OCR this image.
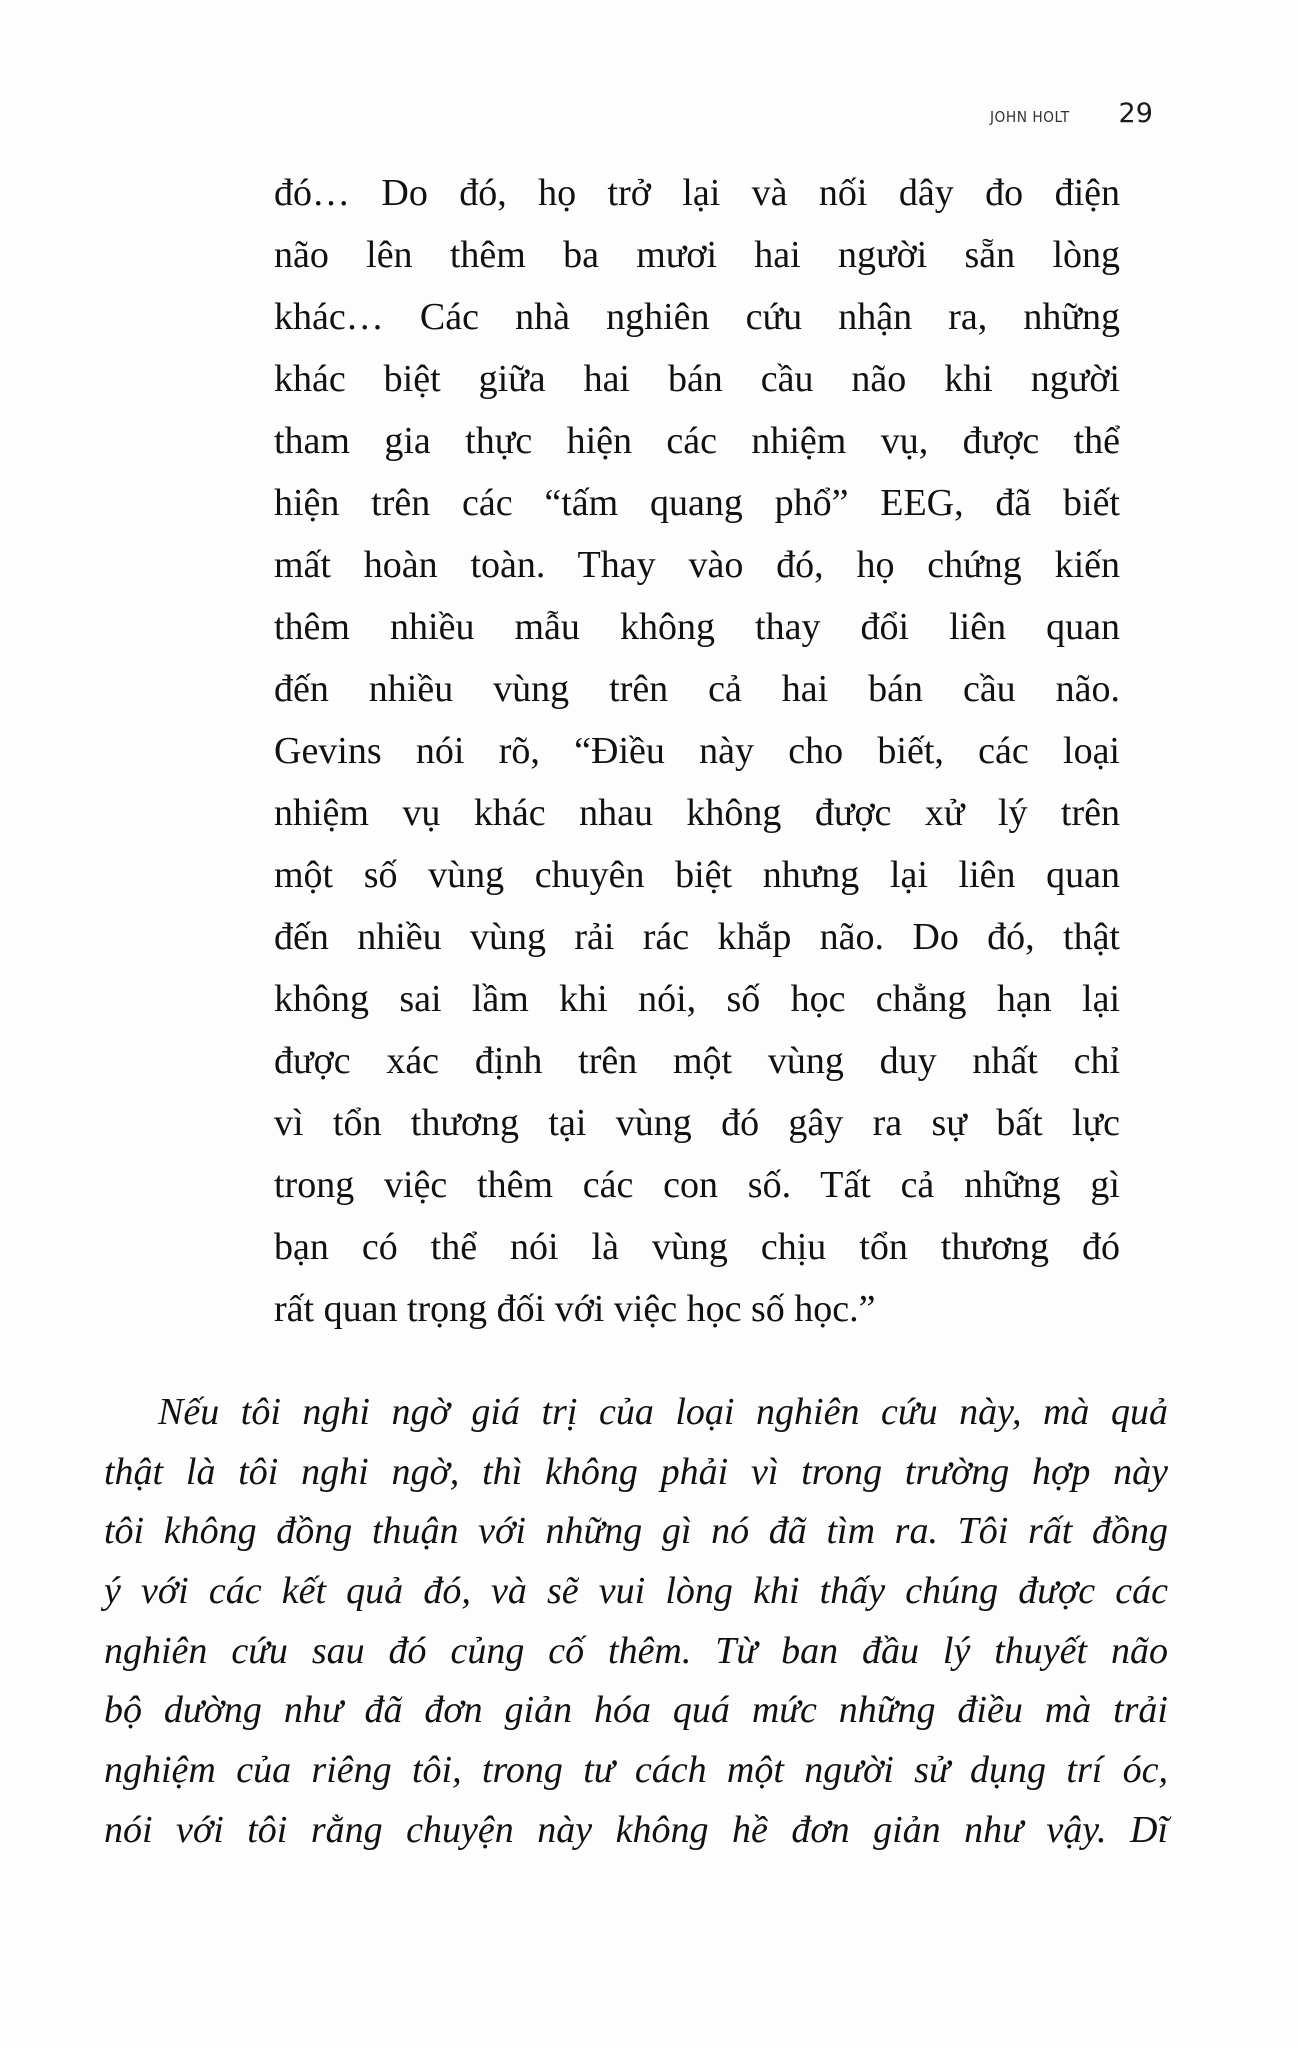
JOHN HOLT 29
đó… Do đó, họ trở lại và nối dây đo điện
não lên thêm ba mươi hai người sẵn lòng
khác… Các nhà nghiên cứu nhận ra, những
khác biệt giữa hai bán cầu não khi người
tham gia thực hiện các nhiệm vụ, được thể
hiện trên các “tấm quang phổ” EEG, đã biết
mất hoàn toàn. Thay vào đó, họ chứng kiến
thêm nhiều mẫu không thay đổi liên quan
đến nhiều vùng trên cả hai bán cầu não.
Gevins nói rõ, “Điều này cho biết, các loại
nhiệm vụ khác nhau không được xử lý trên
một số vùng chuyên biệt nhưng lại liên quan
đến nhiều vùng rải rác khắp não. Do đó, thật
không sai lầm khi nói, số học chẳng hạn lại
được xác định trên một vùng duy nhất chỉ
vì tổn thương tại vùng đó gây ra sự bất lực
trong việc thêm các con số. Tất cả những gì
bạn có thể nói là vùng chịu tổn thương đó
rất quan trọng đối với việc học số học.”
Nếu tôi nghi ngờ giá trị của loại nghiên cứu này, mà quả
thật là tôi nghi ngờ, thì không phải vì trong trường hợp này
tôi không đồng thuận với những gì nó đã tìm ra. Tôi rất đồng
ý với các kết quả đó, và sẽ vui lòng khi thấy chúng được các
nghiên cứu sau đó củng cố thêm. Từ ban đầu lý thuyết não
bộ dường như đã đơn giản hóa quá mức những điều mà trải
nghiệm của riêng tôi, trong tư cách một người sử dụng trí óc,
nói với tôi rằng chuyện này không hề đơn giản như vậy. Dĩ
